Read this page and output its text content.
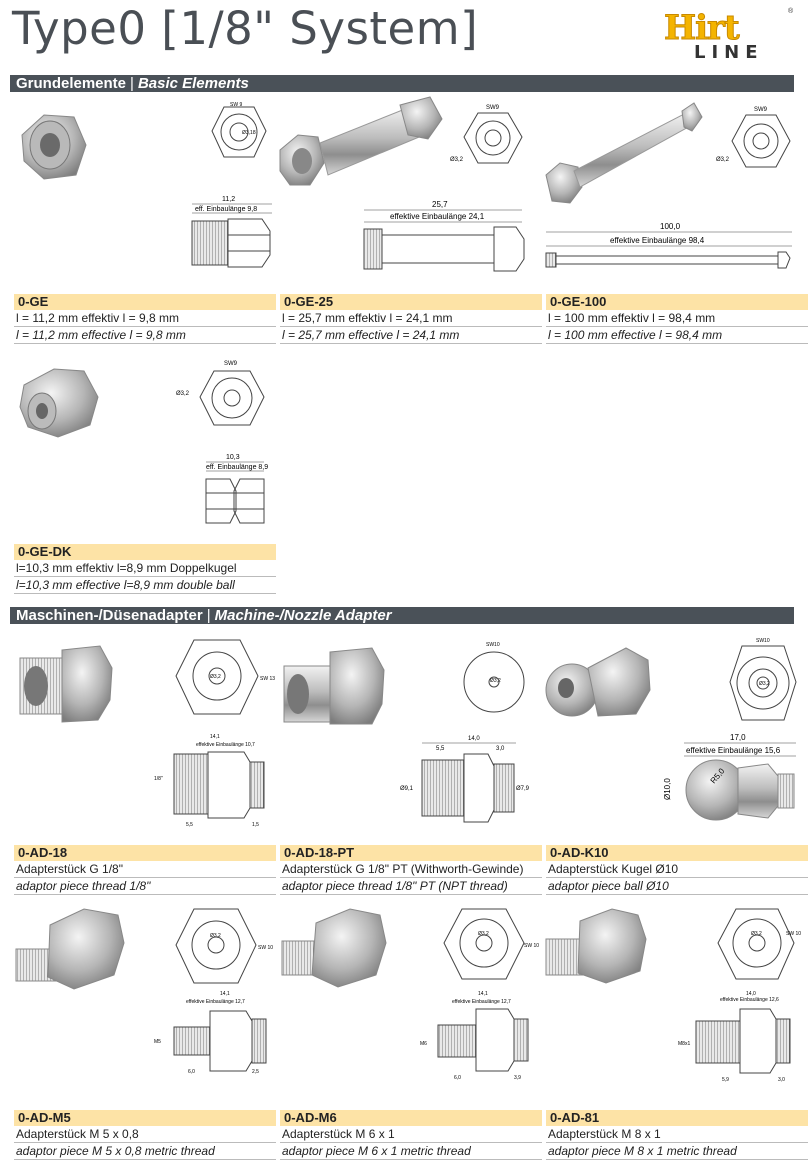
Type0 [1/8" System]	Hirt	®
LINE
Grundelemente | Basic Elements
Maschinen-/Düsenadapter | Machine-/Nozzle Adapter
SW 9
Ø3,18
11,2
eff. Einbaulänge 9,8
0-GE
l = 11,2 mm effektiv l = 9,8 mm
l = 11,2 mm effective l = 9,8 mm
SW9
Ø3,2
25,7
effektive Einbaulänge 24,1
0-GE-25
l = 25,7 mm effektiv l = 24,1 mm
l = 25,7 mm effective l = 24,1 mm
SW9
Ø3,2
100,0
effektive Einbaulänge 98,4
0-GE-100
l = 100 mm effektiv l = 98,4 mm
l = 100 mm effective l = 98,4 mm
SW9
Ø3,2
10,3
eff. Einbaulänge 8,9
0-GE-DK
l=10,3 mm effektiv l=8,9 mm Doppelkugel
l=10,3 mm effective l=8,9 mm double ball
SW 13
Ø3,2
14,1
effektive Einbaulänge 10,7
1/8"
5,5	1,5
0-AD-18
Adapterstück G 1/8"
adaptor piece thread 1/8"
SW10
Ø3,2
14,0
5,5	3,0
Ø9,1	Ø7,9
0-AD-18-PT
Adapterstück G 1/8" PT (Withworth-Gewinde)
adaptor piece thread 1/8" PT (NPT thread)
SW10
Ø3,2
17,0
effektive Einbaulänge 15,6
Ø10,0
R5,0
0-AD-K10
Adapterstück Kugel Ø10
adaptor piece ball Ø10
SW 10
Ø3,2
14,1
effektive Einbaulänge 12,7
M5
6,0	2,5
0-AD-M5
Adapterstück M 5 x 0,8
adaptor piece M 5 x 0,8 metric thread
SW 10
Ø3,2
14,1
effektive Einbaulänge 12,7
M6
6,0	3,9
0-AD-M6
Adapterstück M 6 x 1
adaptor piece M 6 x 1 metric thread
SW 10
Ø3,2
14,0
effektive Einbaulänge 12,6
M8x1
5,9	3,0
0-AD-81
Adapterstück M 8 x 1
adaptor piece M 8 x 1 metric thread
